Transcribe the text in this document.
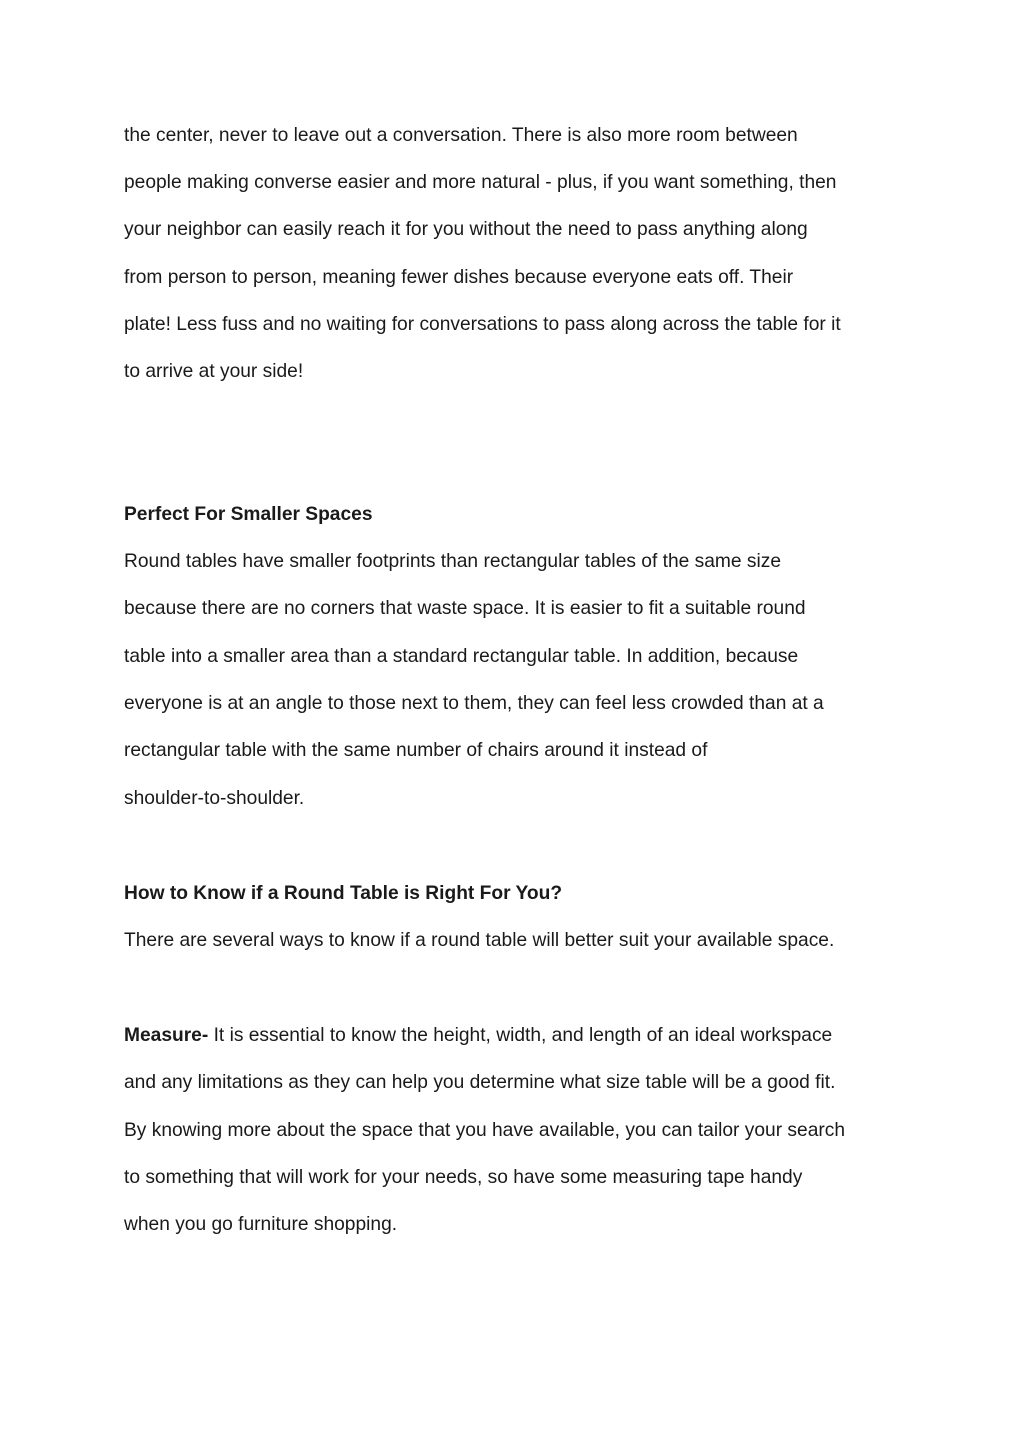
the center, never to leave out a conversation. There is also more room between
people making converse easier and more natural - plus, if you want something, then
your neighbor can easily reach it for you without the need to pass anything along
from person to person, meaning fewer dishes because everyone eats off. Their
plate! Less fuss and no waiting for conversations to pass along across the table for it
to arrive at your side!
Perfect For Smaller Spaces
Round tables have smaller footprints than rectangular tables of the same size
because there are no corners that waste space. It is easier to fit a suitable round
table into a smaller area than a standard rectangular table. In addition, because
everyone is at an angle to those next to them, they can feel less crowded than at a
rectangular table with the same number of chairs around it instead of
shoulder-to-shoulder.
How to Know if a Round Table is Right For You?
There are several ways to know if a round table will better suit your available space.
Measure- It is essential to know the height, width, and length of an ideal workspace
and any limitations as they can help you determine what size table will be a good fit.
By knowing more about the space that you have available, you can tailor your search
to something that will work for your needs, so have some measuring tape handy
when you go furniture shopping.
